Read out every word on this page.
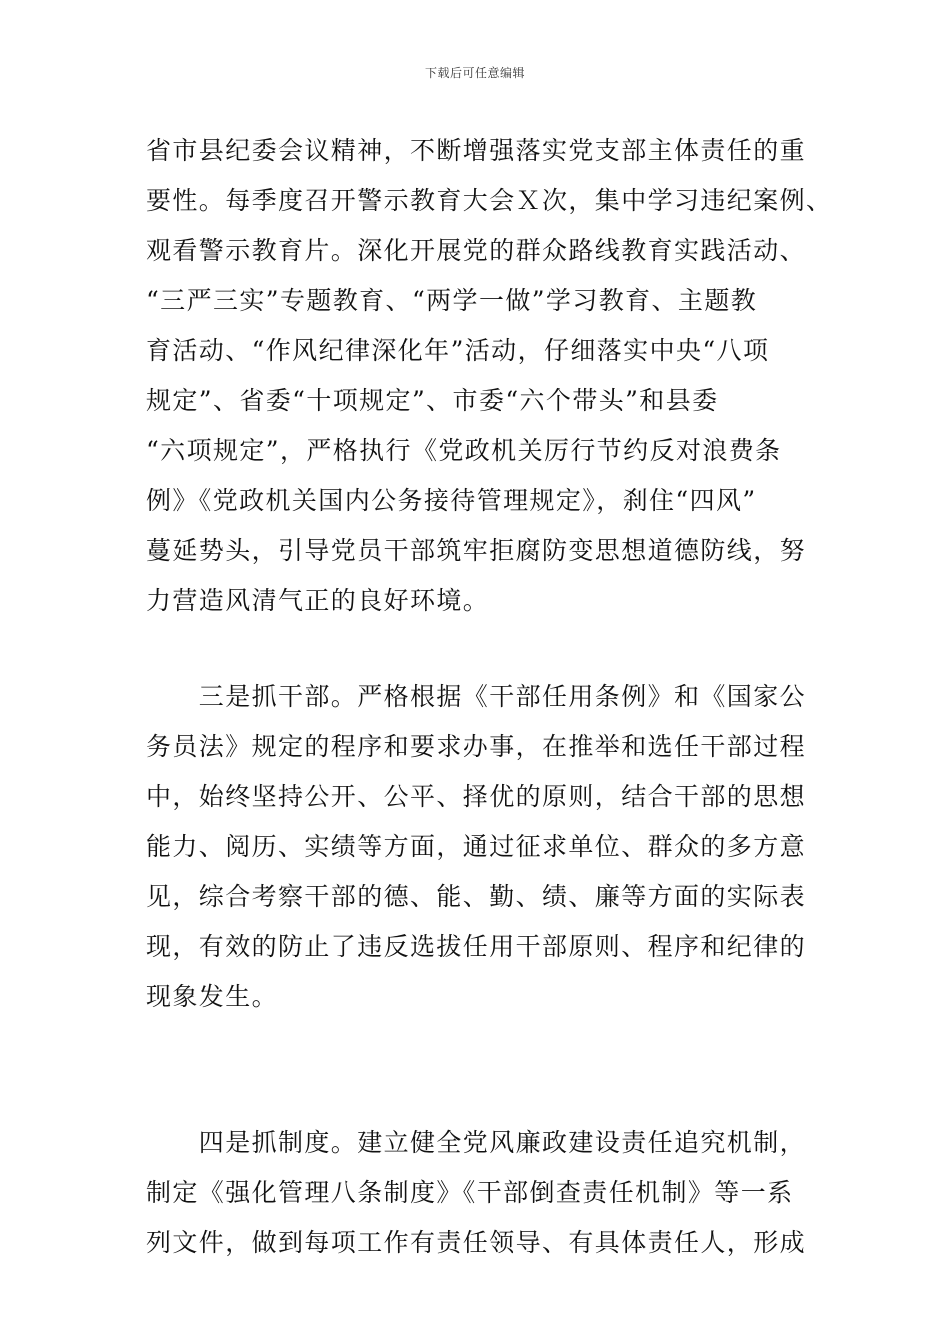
下载后可任意编辑
省市县纪委会议精神，不断增强落实党支部主体责任的重
要性。每季度召开警示教育大会Ｘ次，集中学习违纪案例、
观看警示教育片。深化开展党的群众路线教育实践活动、
“三严三实”专题教育、“两学一做”学习教育、主题教
育活动、“作风纪律深化年”活动，仔细落实中央“八项
规定”、省委“十项规定”、市委“六个带头”和县委
“六项规定”，严格执行《党政机关厉行节约反对浪费条
例》《党政机关国内公务接待管理规定》，刹住“四风”
蔓延势头，引导党员干部筑牢拒腐防变思想道德防线，努
力营造风清气正的良好环境。
　　三是抓干部。严格根据《干部任用条例》和《国家公
务员法》规定的程序和要求办事，在推举和选任干部过程
中，始终坚持公开、公平、择优的原则，结合干部的思想
能力、阅历、实绩等方面，通过征求单位、群众的多方意
见，综合考察干部的德、能、勤、绩、廉等方面的实际表
现，有效的防止了违反选拔任用干部原则、程序和纪律的
现象发生。
　　四是抓制度。建立健全党风廉政建设责任追究机制，
制定《强化管理八条制度》《干部倒查责任机制》等一系
列文件，做到每项工作有责任领导、有具体责任人，形成
